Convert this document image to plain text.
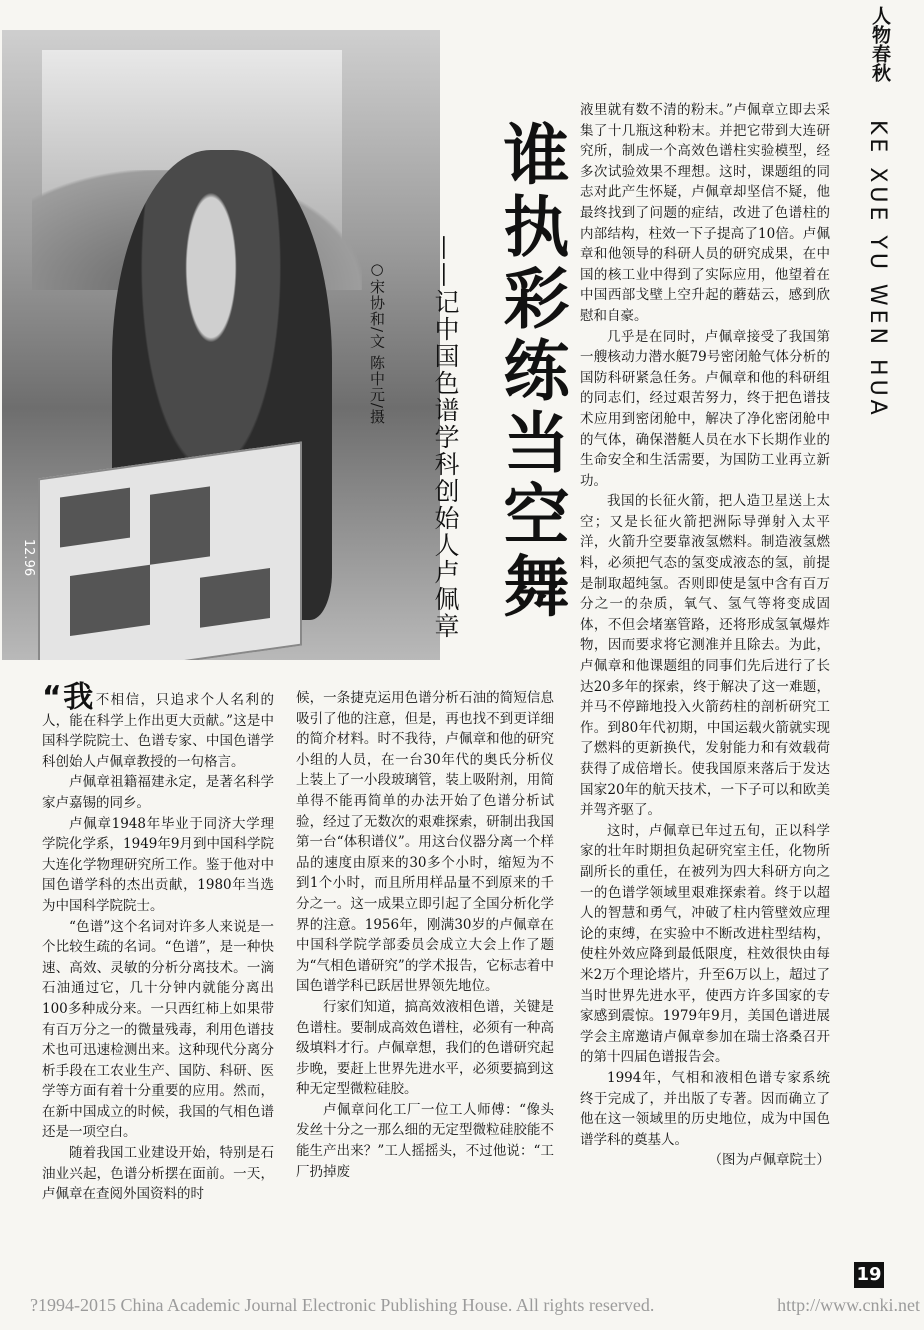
12.96
○宋协和/文 陈中元/摄	——记中国色谱学科创始人卢佩章 谁执彩练当空舞
人物春秋
KE XUE YU WEN HUA

“我不相信，只追求个人名利的人，能在科学上作出更大贡献。”这是中国科学院院士、色谱专家、中国色谱学科创始人卢佩章教授的一句格言。

卢佩章祖籍福建永定，是著名科学家卢嘉锡的同乡。

卢佩章1948年毕业于同济大学理学院化学系，1949年9月到中国科学院大连化学物理研究所工作。鉴于他对中国色谱学科的杰出贡献，1980年当选为中国科学院院士。

“色谱”这个名词对许多人来说是一个比较生疏的名词。“色谱”，是一种快速、高效、灵敏的分析分离技术。一滴石油通过它，几十分钟内就能分离出100多种成分来。一只西红柿上如果带有百万分之一的微量残毒，利用色谱技术也可迅速检测出来。这种现代分离分析手段在工农业生产、国防、科研、医学等方面有着十分重要的应用。然而，在新中国成立的时候，我国的气相色谱还是一项空白。

随着我国工业建设开始，特别是石油业兴起，色谱分析摆在面前。一天，卢佩章在查阅外国资料的时

候，一条捷克运用色谱分析石油的简短信息吸引了他的注意，但是，再也找不到更详细的简介材料。时不我待，卢佩章和他的研究小组的人员，在一台30年代的奥氏分析仪上装上了一小段玻璃管，装上吸附剂，用简单得不能再简单的办法开始了色谱分析试验，经过了无数次的艰难探索，研制出我国第一台“体积谱仪”。用这台仪器分离一个样品的速度由原来的30多个小时，缩短为不到1个小时，而且所用样品量不到原来的千分之一。这一成果立即引起了全国分析化学界的注意。1956年，刚满30岁的卢佩章在中国科学院学部委员会成立大会上作了题为“气相色谱研究”的学术报告，它标志着中国色谱学科已跃居世界领先地位。

行家们知道，搞高效液相色谱，关键是色谱柱。要制成高效色谱柱，必须有一种高级填料才行。卢佩章想，我们的色谱研究起步晚，要赶上世界先进水平，必须要搞到这种无定型微粒硅胶。

卢佩章问化工厂一位工人师傅：“像头发丝十分之一那么细的无定型微粒硅胶能不能生产出来？”工人摇摇头，不过他说：“工厂扔掉废

液里就有数不清的粉末。”卢佩章立即去采集了十几瓶这种粉末。并把它带到大连研究所，制成一个高效色谱柱实验模型，经多次试验效果不理想。这时，课题组的同志对此产生怀疑，卢佩章却坚信不疑，他最终找到了问题的症结，改进了色谱柱的内部结构，柱效一下子提高了10倍。卢佩章和他领导的科研人员的研究成果，在中国的核工业中得到了实际应用，他望着在中国西部戈壁上空升起的蘑菇云，感到欣慰和自豪。

几乎是在同时，卢佩章接受了我国第一艘核动力潜水艇79号密闭舱气体分析的国防科研紧急任务。卢佩章和他的科研组的同志们，经过艰苦努力，终于把色谱技术应用到密闭舱中，解决了净化密闭舱中的气体，确保潜艇人员在水下长期作业的生命安全和生活需要，为国防工业再立新功。

我国的长征火箭，把人造卫星送上太空；又是长征火箭把洲际导弹射入太平洋，火箭升空要靠液氢燃料。制造液氢燃料，必须把气态的氢变成液态的氢，前提是制取超纯氢。否则即使是氢中含有百万分之一的杂质，氧气、氢气等将变成固体，不但会堵塞管路，还将形成氢氧爆炸物，因而要求将它测准并且除去。为此，卢佩章和他课题组的同事们先后进行了长达20多年的探索，终于解决了这一难题，并马不停蹄地投入火箭药柱的剖析研究工作。到80年代初期，中国运载火箭就实现了燃料的更新换代，发射能力和有效载荷获得了成倍增长。使我国原来落后于发达国家20年的航天技术，一下子可以和欧美并驾齐驱了。

这时，卢佩章已年过五旬，正以科学家的壮年时期担负起研究室主任，化物所副所长的重任，在被列为四大科研方向之一的色谱学领域里艰难探索着。终于以超人的智慧和勇气，冲破了柱内管壁效应理论的束缚，在实验中不断改进柱型结构，使柱外效应降到最低限度，柱效很快由每米2万个理论塔片，升至6万以上，超过了当时世界先进水平，使西方许多国家的专家感到震惊。1979年9月，美国色谱进展学会主席邀请卢佩章参加在瑞士洛桑召开的第十四届色谱报告会。

1994年，气相和液相色谱专家系统终于完成了，并出版了专著。因而确立了他在这一领域里的历史地位，成为中国色谱学科的奠基人。

（图为卢佩章院士）

19
?1994-2015 China Academic Journal Electronic Publishing House. All rights reserved.	http://www.cnki.net
